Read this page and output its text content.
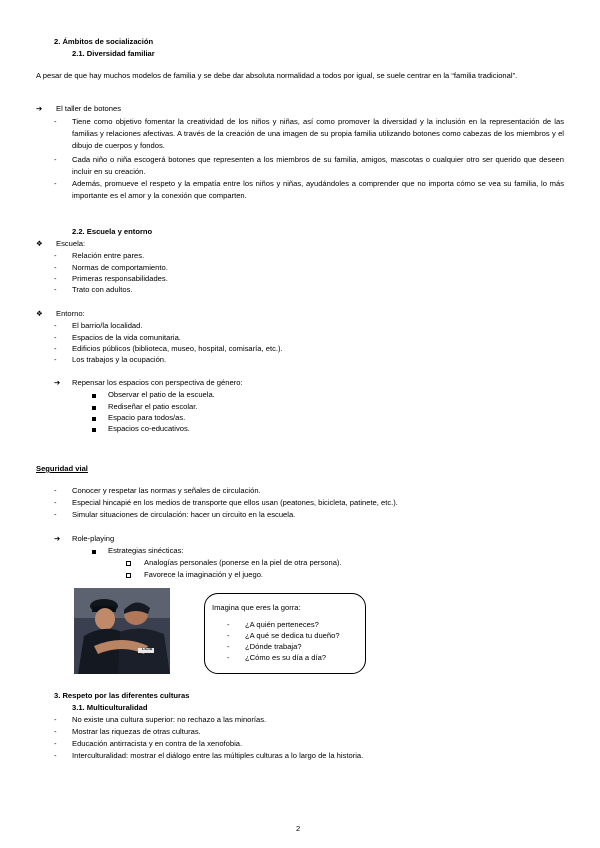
2. Ámbitos de socialización
2.1. Diversidad familiar
A pesar de que hay muchos modelos de familia y se debe dar absoluta normalidad a todos por igual, se suele centrar en la “familia tradicional”.
➔ El taller de botones
- Tiene como objetivo fomentar la creatividad de los niños y niñas, así como promover la diversidad y la inclusión en la representación de las familias y relaciones afectivas. A través de la creación de una imagen de su propia familia utilizando botones como cabezas de los miembros y el dibujo de cuerpos y fondos.
- Cada niño o niña escogerá botones que representen a los miembros de su familia, amigos, mascotas o cualquier otro ser querido que deseen incluir en su creación.
- Además, promueve el respeto y la empatía entre los niños y niñas, ayudándoles a comprender que no importa cómo se vea su familia, lo más importante es el amor y la conexión que comparten.
2.2. Escuela y entorno
❖ Escuela:
- Relación entre pares.
- Normas de comportamiento.
- Primeras responsabilidades.
- Trato con adultos.
❖ Entorno:
- El barrio/la localidad.
- Espacios de la vida comunitaria.
- Edificios públicos (biblioteca, museo, hospital, comisaría, etc.).
- Los trabajos y la ocupación.
➔ Repensar los espacios con perspectiva de género:
Observar el patio de la escuela.
Rediseñar el patio escolar.
Espacio para todos/as.
Espacios co-educativos.
Seguridad vial
- Conocer y respetar las normas y señales de circulación.
- Especial hincapié en los medios de transporte que ellos usan (peatones, bicicleta, patinete, etc.).
- Simular situaciones de circulación: hacer un circuito en la escuela.
➔ Role-playing
Estrategias sinécticas:
Analogías personales (ponerse en la piel de otra persona).
Favorece la imaginación y el juego.
LICIA
Imagina que eres la gorra:
- ¿A quién perteneces?
- ¿A qué se dedica tu dueño?
- ¿Dónde trabaja?
- ¿Cómo es su día a día?
3. Respeto por las diferentes culturas
3.1. Multiculturalidad
- No existe una cultura superior: no rechazo a las minorías.
- Mostrar las riquezas de otras culturas.
- Educación antirracista y en contra de la xenofobia.
- Interculturalidad: mostrar el diálogo entre las múltiples culturas a lo largo de la historia.
2
